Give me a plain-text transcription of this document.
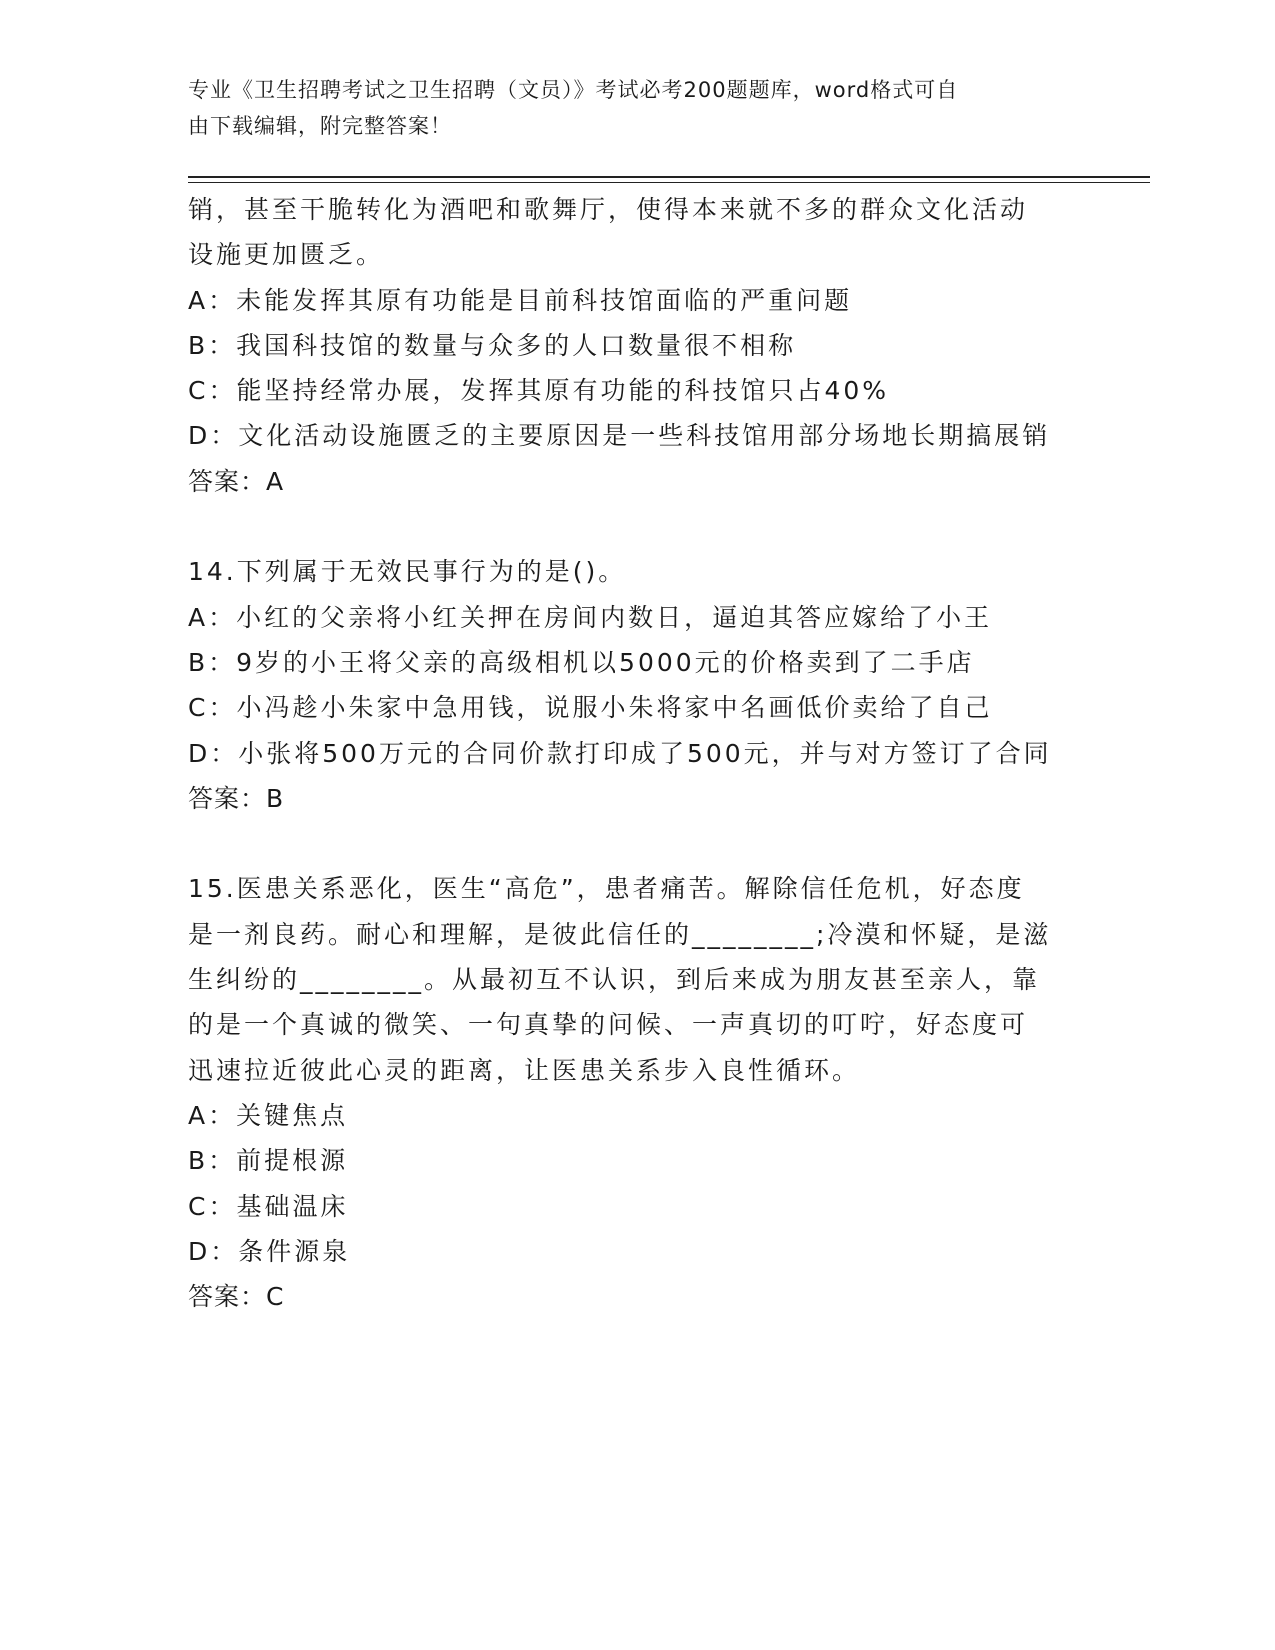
专业《卫生招聘考试之卫生招聘（文员）》考试必考200题题库，word格式可自
由下载编辑，附完整答案！
销，甚至干脆转化为酒吧和歌舞厅，使得本来就不多的群众文化活动
设施更加匮乏。
A：未能发挥其原有功能是目前科技馆面临的严重问题
B：我国科技馆的数量与众多的人口数量很不相称
C：能坚持经常办展，发挥其原有功能的科技馆只占40%
D：文化活动设施匮乏的主要原因是一些科技馆用部分场地长期搞展销
答案：A
14.下列属于无效民事行为的是()。
A：小红的父亲将小红关押在房间内数日，逼迫其答应嫁给了小王
B：9岁的小王将父亲的高级相机以5000元的价格卖到了二手店
C：小冯趁小朱家中急用钱，说服小朱将家中名画低价卖给了自己
D：小张将500万元的合同价款打印成了500元，并与对方签订了合同
答案：B
15.医患关系恶化，医生“高危”，患者痛苦。解除信任危机，好态度
是一剂良药。耐心和理解，是彼此信任的________;冷漠和怀疑，是滋
生纠纷的________。从最初互不认识，到后来成为朋友甚至亲人，靠
的是一个真诚的微笑、一句真挚的问候、一声真切的叮咛，好态度可
迅速拉近彼此心灵的距离，让医患关系步入良性循环。
A：关键焦点
B：前提根源
C：基础温床
D：条件源泉
答案：C
